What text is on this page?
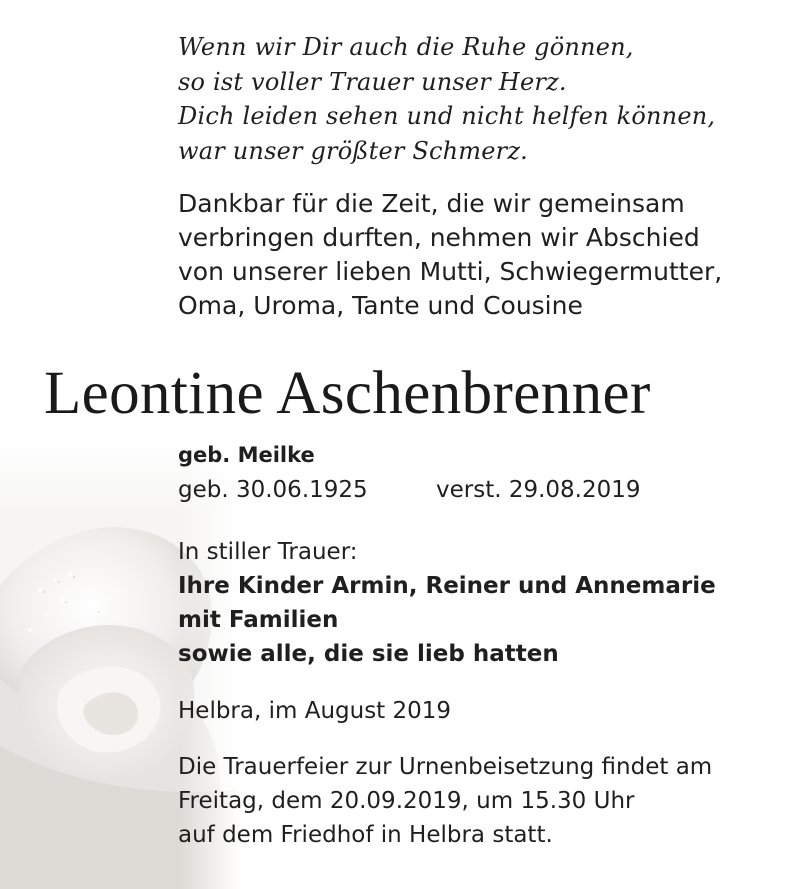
Wenn wir Dir auch die Ruhe gönnen,
so ist voller Trauer unser Herz.
Dich leiden sehen und nicht helfen können,
war unser größter Schmerz.
Dankbar für die Zeit, die wir gemeinsam
verbringen durften, nehmen wir Abschied
von unserer lieben Mutti, Schwiegermutter,
Oma, Uroma, Tante und Cousine
Leontine Aschenbrenner
geb. Meilke
geb. 30.06.1925	verst. 29.08.2019
In stiller Trauer:
Ihre Kinder Armin, Reiner und Annemarie
mit Familien
sowie alle, die sie lieb hatten
Helbra, im August 2019
Die Trauerfeier zur Urnenbeisetzung findet am
Freitag, dem 20.09.2019, um 15.30 Uhr
auf dem Friedhof in Helbra statt.
